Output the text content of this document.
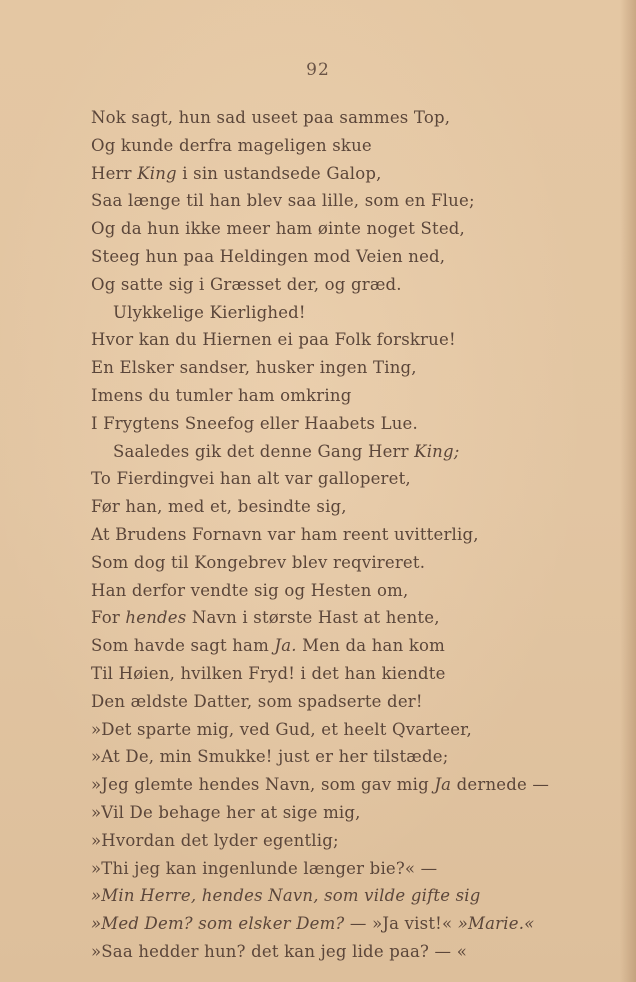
92
Nok sagt, hun sad useet paa sammes Top,
Og kunde derfra mageligen skue
Herr King i sin ustandsede Galop,
Saa længe til han blev saa lille, som en Flue;
Og da hun ikke meer ham øinte noget Sted,
Steeg hun paa Heldingen mod Veien ned,
Og satte sig i Græsset der, og græd.
Ulykkelige Kierlighed!
Hvor kan du Hiernen ei paa Folk forskrue!
En Elsker sandser, husker ingen Ting,
Imens du tumler ham omkring
I Frygtens Sneefog eller Haabets Lue.
Saaledes gik det denne Gang Herr King;
To Fierdingvei han alt var galloperet,
Før han, med et, besindte sig,
At Brudens Fornavn var ham reent uvitterlig,
Som dog til Kongebrev blev reqvireret.
Han derfor vendte sig og Hesten om,
For hendes Navn i største Hast at hente,
Som havde sagt ham Ja. Men da han kom
Til Høien, hvilken Fryd! i det han kiendte
Den ældste Datter, som spadserte der!
»Det sparte mig, ved Gud, et heelt Qvarteer,
»At De, min Smukke! just er her tilstæde;
»Jeg glemte hendes Navn, som gav mig Ja dernede —
»Vil De behage her at sige mig,
»Hvordan det lyder egentlig;
»Thi jeg kan ingenlunde længer bie?« —
»Min Herre, hendes Navn, som vilde gifte sig
»Med Dem? som elsker Dem? — »Ja vist!« »Marie.«
»Saa hedder hun? det kan jeg lide paa? — «
